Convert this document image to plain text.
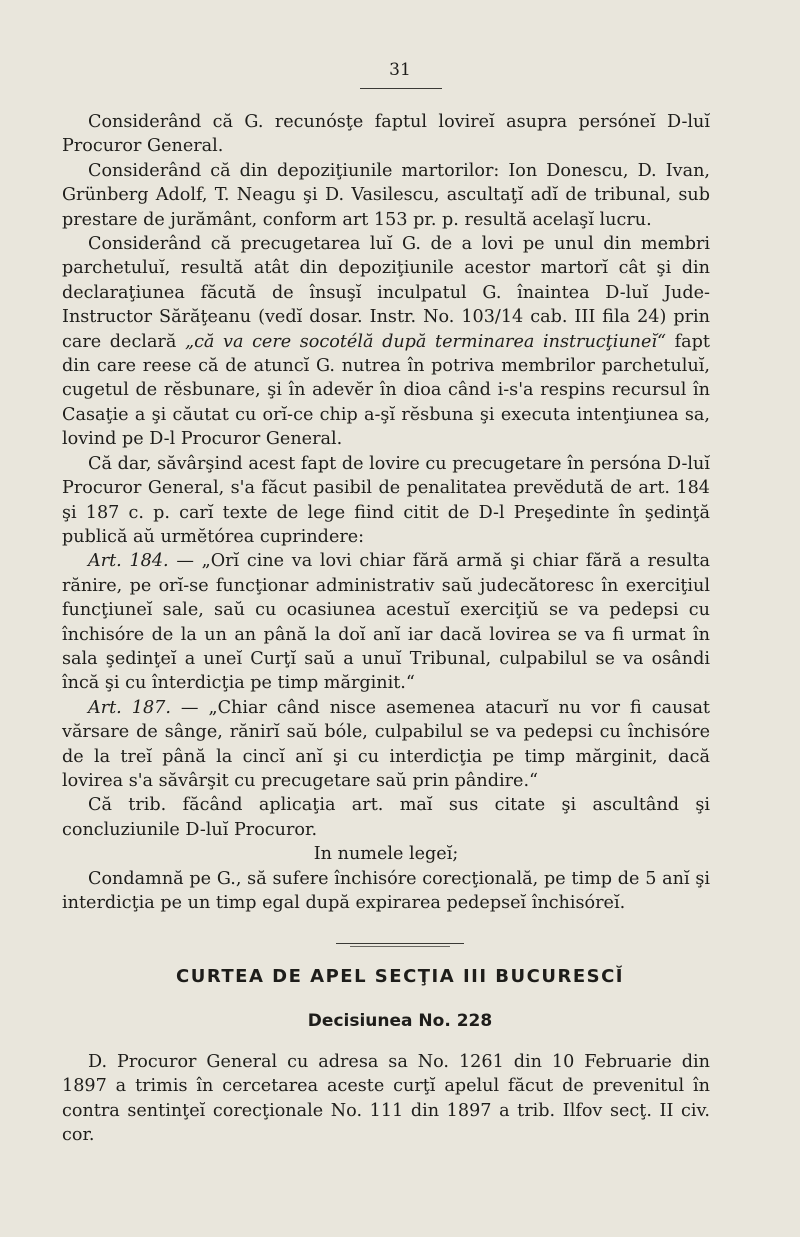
31

Considerând că G. recunósţe faptul lovireĭ asupra persóneĭ D-luĭ Procuror General.

Considerând că din depoziţiunile martorilor: Ion Donescu, D. Ivan, Grünberg Adolf, T. Neagu şi D. Vasilescu, ascultaţĭ adĭ de tribunal, sub prestare de jurământ, conform art 153 pr. p. resultă acelaşĭ lucru.

Considerând că precugetarea luĭ G. de a lovi pe unul din membri parchetuluĭ, resultă atât din depoziţiunile acestor martorĭ cât şi din declaraţiunea făcută de însuşĭ inculpatul G. înaintea D-luĭ Jude-Instructor Sărăţeanu (vedĭ dosar. Instr. No. 103/14 cab. III fila 24) prin care declară „că va cere socotélă după terminarea instrucţiuneĭ“ fapt din care reese că de atuncĭ G. nutrea în potriva membrilor parchetuluĭ, cugetul de rĕsbunare, şi în adevĕr în dioa când i-s'a respins recursul în Casaţie a şi căutat cu orĭ-ce chip a-şĭ rĕsbuna şi executa intenţiunea sa, lovind pe D-l Procuror General.

Că dar, săvârşind acest fapt de lovire cu precugetare în persóna D-luĭ Procuror General, s'a făcut pasibil de penalitatea prevĕdută de art. 184 şi 187 c. p. carĭ texte de lege fiind citit de D-l Preşedinte în şedinţă publică aŭ urmĕtórea cuprindere:

Art. 184. — „Orĭ cine va lovi chiar fără armă şi chiar fără a resulta rănire, pe orĭ-se funcţionar administrativ saŭ judecătoresc în exerciţiul funcţiuneĭ sale, saŭ cu ocasiunea acestuĭ exerciţiŭ se va pedepsi cu închisóre de la un an până la doĭ anĭ iar dacă lovirea se va fi urmat în sala şedinţeĭ a uneĭ Curţĭ saŭ a unuĭ Tribunal, culpabilul se va osândi încă şi cu înterdicţia pe timp mărginit.“

Art. 187. — „Chiar când nisce asemenea atacurĭ nu vor fi causat vărsare de sânge, rănirĭ saŭ bóle, culpabilul se va pedepsi cu închisóre de la treĭ până la cincĭ anĭ şi cu interdicţia pe timp mărginit, dacă lovirea s'a săvârşit cu precugetare saŭ prin pândire.“

Că trib. făcând aplicaţia art. maĭ sus citate şi ascultând şi concluziunile D-luĭ Procuror.

In numele legeĭ;

Condamnă pe G., să sufere închisóre corecţională, pe timp de 5 anĭ şi interdicţia pe un timp egal după expirarea pedepseĭ închisóreĭ.

CURTEA DE APEL SECŢIA III BUCURESCĬ
Decisiunea No. 228

D. Procuror General cu adresa sa No. 1261 din 10 Februarie din 1897 a trimis în cercetarea aceste curţĭ apelul făcut de prevenitul în contra sentinţeĭ corecţionale No. 111 din 1897 a trib. Ilfov secţ. II civ. cor.
